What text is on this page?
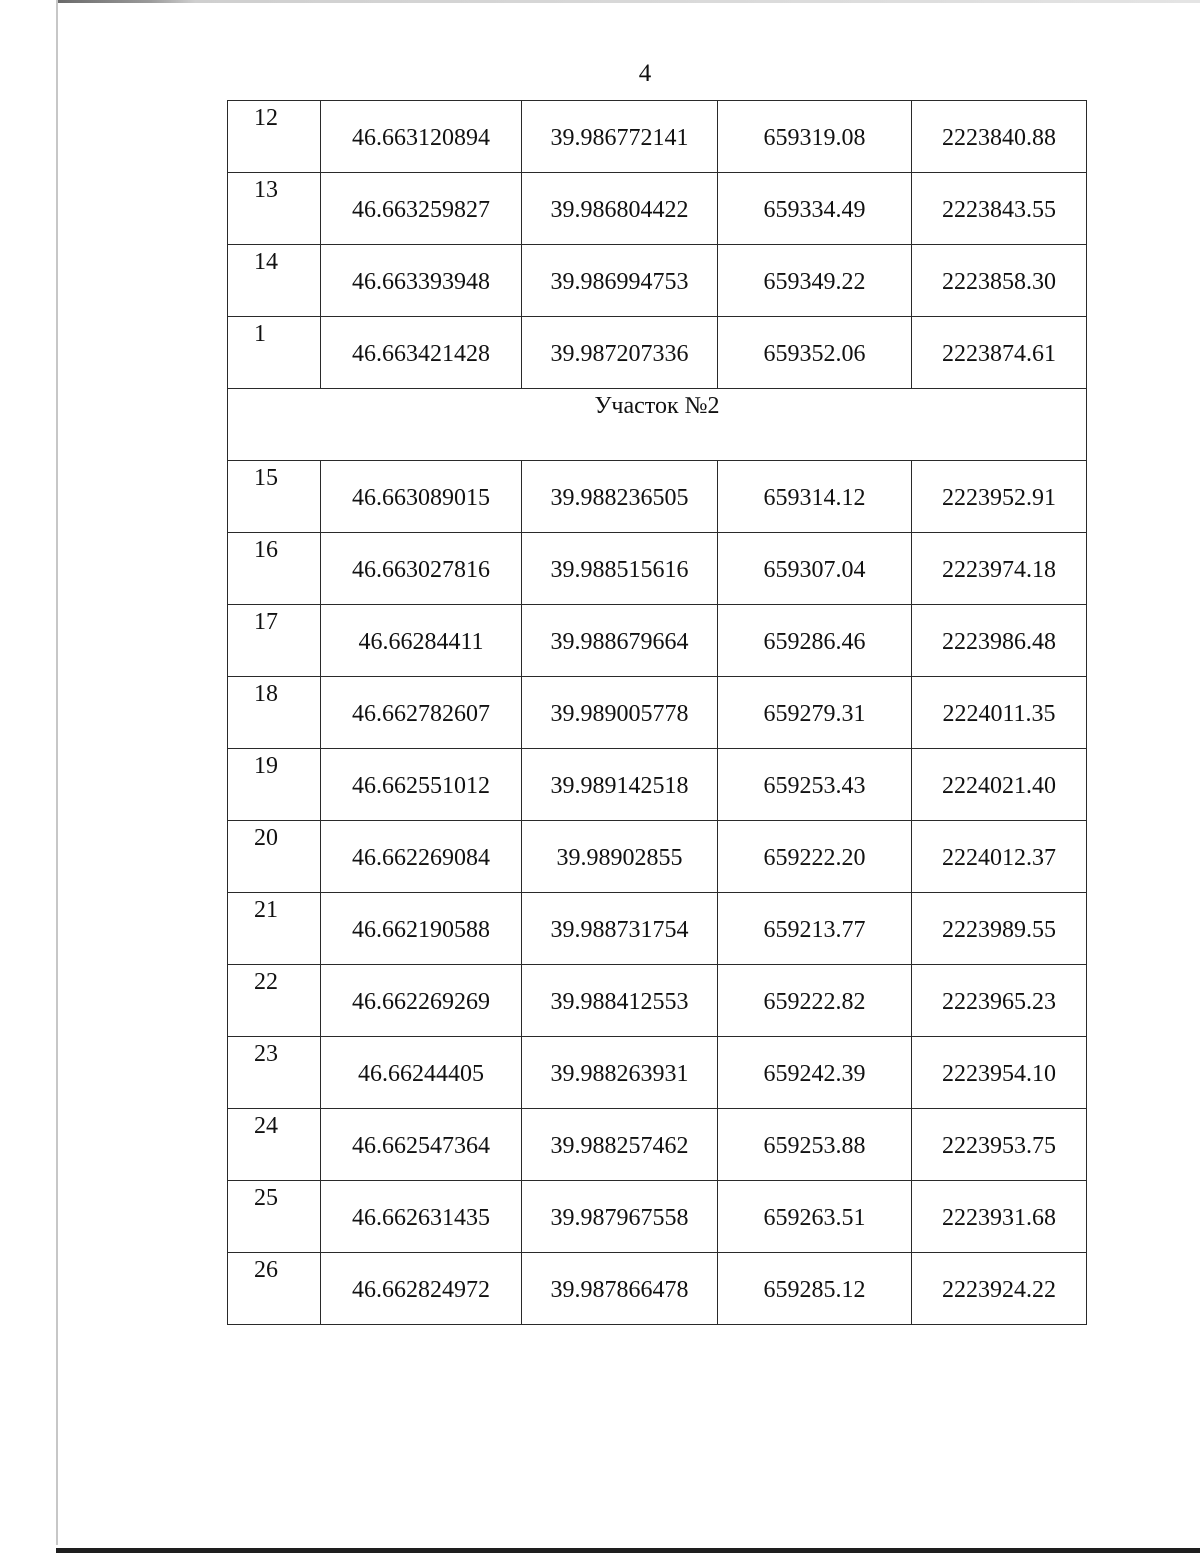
4
12	46.663120894	39.986772141	659319.08	2223840.88
13	46.663259827	39.986804422	659334.49	2223843.55
14	46.663393948	39.986994753	659349.22	2223858.30
1	46.663421428	39.987207336	659352.06	2223874.61
Участок №2				
15	46.663089015	39.988236505	659314.12	2223952.91
16	46.663027816	39.988515616	659307.04	2223974.18
17	46.66284411	39.988679664	659286.46	2223986.48
18	46.662782607	39.989005778	659279.31	2224011.35
19	46.662551012	39.989142518	659253.43	2224021.40
20	46.662269084	39.98902855	659222.20	2224012.37
21	46.662190588	39.988731754	659213.77	2223989.55
22	46.662269269	39.988412553	659222.82	2223965.23
23	46.66244405	39.988263931	659242.39	2223954.10
24	46.662547364	39.988257462	659253.88	2223953.75
25	46.662631435	39.987967558	659263.51	2223931.68
26	46.662824972	39.987866478	659285.12	2223924.22
